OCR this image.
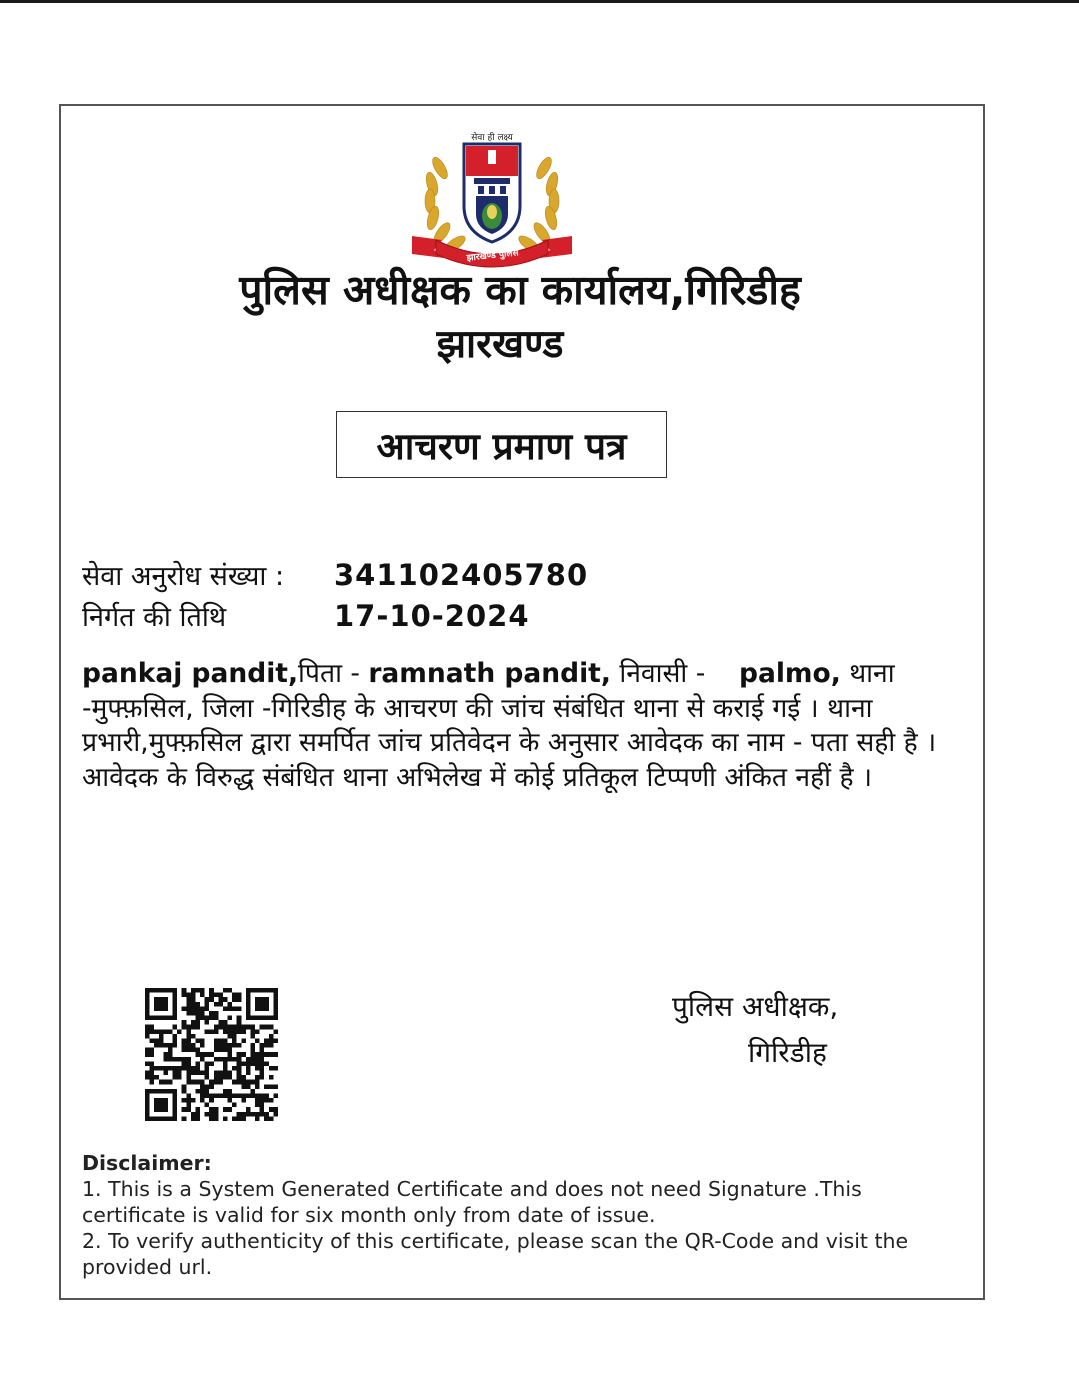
सेवा ही लक्ष्य
झारखण्ड पुलिस
पुलिस अधीक्षक का कार्यालय,गिरिडीह
झारखण्ड
आचरण प्रमाण पत्र
सेवा अनुरोध संख्या : 341102405780
निर्गत की तिथि	17-10-2024
pankaj pandit,पिता - ramnath pandit, निवासी -    palmo, थाना -मुफ्फ़सिल, जिला -गिरिडीह के आचरण की जांच संबंधित थाना से कराई गई । थाना प्रभारी,मुफ्फ़सिल द्वारा समर्पित जांच प्रतिवेदन के अनुसार आवेदक का नाम - पता सही है । आवेदक के विरुद्ध संबंधित थाना अभिलेख में कोई प्रतिकूल टिप्पणी अंकित नहीं है ।
पुलिस अधीक्षक,
गिरिडीह
Disclaimer:
1. This is a System Generated Certificate and does not need Signature .This certificate is valid for six month only from date of issue.
2. To verify authenticity of this certificate, please scan the QR-Code and visit the provided url.
